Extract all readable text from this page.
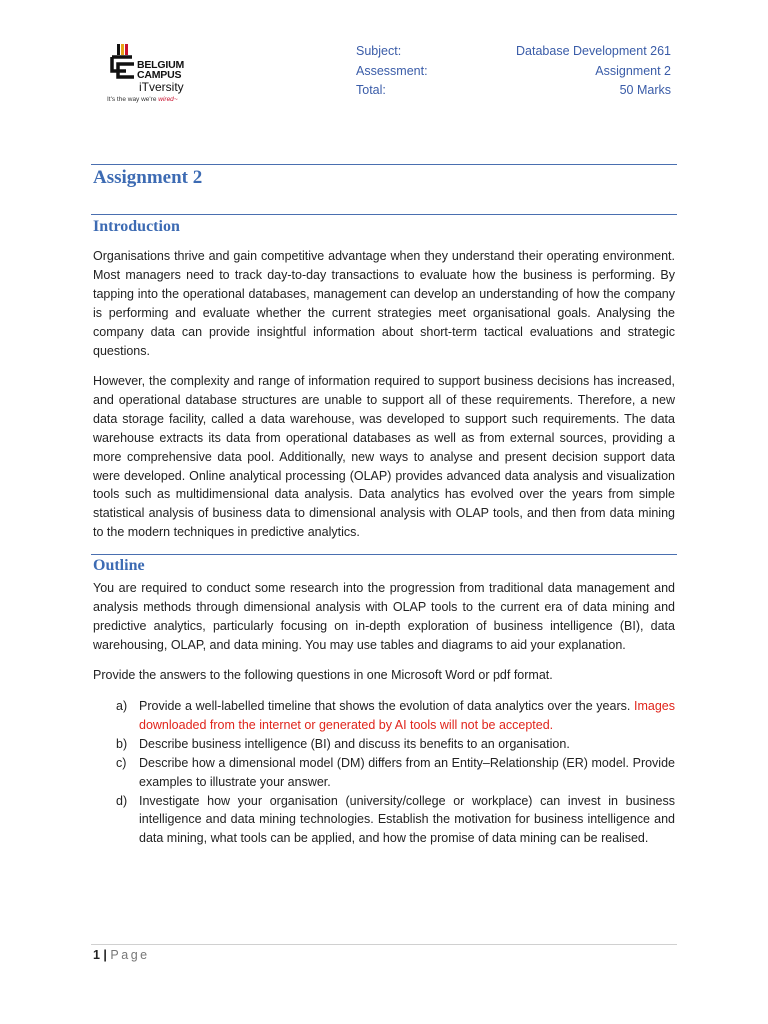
BELGIUM
CAMPUS
iTversity
It's the way we're wired~
Subject:
Assessment:
Total:
Database Development 261
Assignment 2
50 Marks
Assignment 2
Introduction

Organisations thrive and gain competitive advantage when they understand their operating environment. Most managers need to track day-to-day transactions to evaluate how the business is performing. By tapping into the operational databases, management can develop an understanding of how the company is performing and evaluate whether the current strategies meet organisational goals. Analysing the company data can provide insightful information about short-term tactical evaluations and strategic questions.

However, the complexity and range of information required to support business decisions has increased, and operational database structures are unable to support all of these requirements. Therefore, a new data storage facility, called a data warehouse, was developed to support such requirements. The data warehouse extracts its data from operational databases as well as from external sources, providing a more comprehensive data pool. Additionally, new ways to analyse and present decision support data were developed. Online analytical processing (OLAP) provides advanced data analysis and visualization tools such as multidimensional data analysis. Data analytics has evolved over the years from simple statistical analysis of business data to dimensional analysis with OLAP tools, and then from data mining to the modern techniques in predictive analytics.

Outline

You are required to conduct some research into the progression from traditional data management and analysis methods through dimensional analysis with OLAP tools to the current era of data mining and predictive analytics, particularly focusing on in-depth exploration of business intelligence (BI), data warehousing, OLAP, and data mining. You may use tables and diagrams to aid your explanation.

Provide the answers to the following questions in one Microsoft Word or pdf format.

a) Provide a well-labelled timeline that shows the evolution of data analytics over the years. Images downloaded from the internet or generated by AI tools will not be accepted.
b) Describe business intelligence (BI) and discuss its benefits to an organisation.
c) Describe how a dimensional model (DM) differs from an Entity–Relationship (ER) model. Provide examples to illustrate your answer.
d) Investigate how your organisation (university/college or workplace) can invest in business intelligence and data mining technologies. Establish the motivation for business intelligence and data mining, what tools can be applied, and how the promise of data mining can be realised.
1 | Page
